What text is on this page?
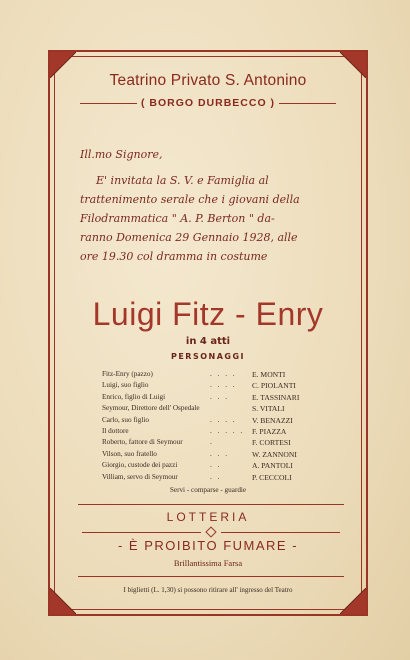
Teatrino Privato S. Antonino
( BORGO DURBECCO )
Ill.mo Signore,
E' invitata la S. V. e Famiglia al
trattenimento serale che i giovani della
Filodrammatica " A. P. Berton " da-
ranno Domenica 29 Gennaio 1928, alle
ore 19.30 col dramma in costume
Luigi Fitz - Enry
in 4 atti
PERSONAGGI
Fitz-Enry (pazzo)	. . . . E. MONTI
Luigi, suo figlio	. . . . C. PIOLANTI
Enrico, figlio di Luigi	. . .	E. TASSINARI
Seymour, Direttore dell' Ospedale	S. VITALI
Carlo, suo figlio	. . . . V. BENAZZI
Il dottore	. . . . . F. PIAZZA
Roberto, fattore di Seymour	.	F. CORTESI
Vilson, suo fratello	. . .	W. ZANNONI
Giorgio, custode dei pazzi	. .	A. PANTOLI
Villiam, servo di Seymour	. .	P. CECCOLI
Servi - comparse - guardie
LOTTERIA
- È PROIBITO FUMARE -
Brillantissima Farsa
I biglietti (L. 1,30) si possono ritirare all' ingresso del Teatro
